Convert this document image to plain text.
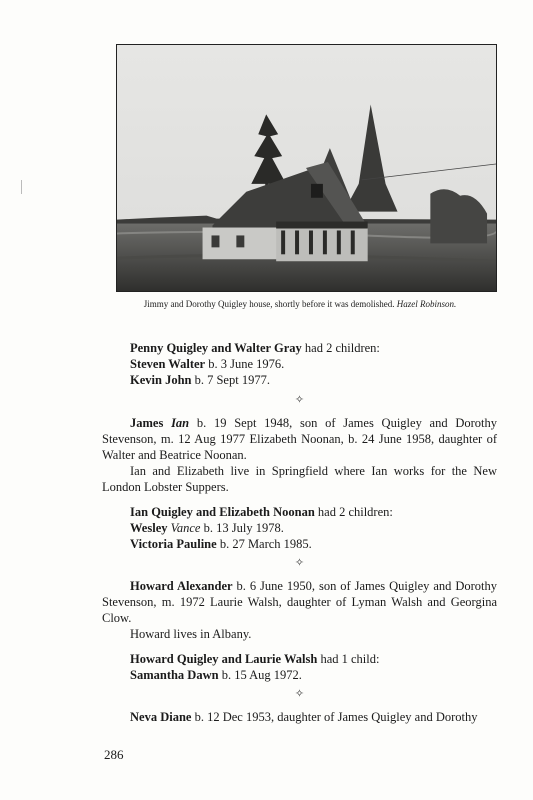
Jimmy and Dorothy Quigley house, shortly before it was demolished. Hazel Robinson.

Penny Quigley and Walter Gray had 2 children:

Steven Walter b. 3 June 1976.

Kevin John b. 7 Sept 1977.

✧

James Ian b. 19 Sept 1948, son of James Quigley and Dorothy Stevenson, m. 12 Aug 1977 Elizabeth Noonan, b. 24 June 1958, daughter of Walter and Beatrice Noonan.

Ian and Elizabeth live in Springfield where Ian works for the New London Lobster Suppers.

Ian Quigley and Elizabeth Noonan had 2 children:

Wesley Vance b. 13 July 1978.

Victoria Pauline b. 27 March 1985.

✧

Howard Alexander b. 6 June 1950, son of James Quigley and Dorothy Stevenson, m. 1972 Laurie Walsh, daughter of Lyman Walsh and Georgina Clow.

Howard lives in Albany.

Howard Quigley and Laurie Walsh had 1 child:

Samantha Dawn b. 15 Aug 1972.

✧

Neva Diane b. 12 Dec 1953, daughter of James Quigley and Dorothy

286
